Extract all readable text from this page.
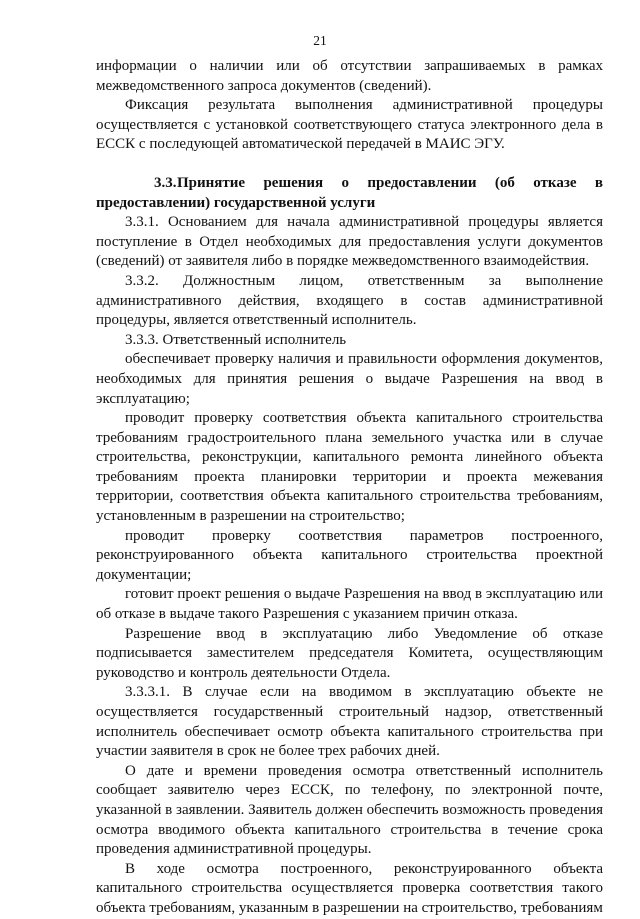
21

информации о наличии или об отсутствии запрашиваемых в рамках межведомственного запроса документов (сведений).

Фиксация результата выполнения административной процедуры осуществляется с установкой соответствующего статуса электронного дела в ЕССК с последующей автоматической передачей в МАИС ЭГУ.

3.3.Принятие решения о предоставлении (об отказе в предоставлении) государственной услуги

3.3.1. Основанием для начала административной процедуры является поступление в Отдел необходимых для предоставления услуги документов (сведений) от заявителя либо в порядке межведомственного взаимодействия.

3.3.2. Должностным лицом, ответственным за выполнение административного действия, входящего в состав административной процедуры, является ответственный исполнитель.

3.3.3. Ответственный исполнитель

обеспечивает проверку наличия и правильности оформления документов, необходимых для принятия решения о выдаче Разрешения на ввод в эксплуатацию;

проводит проверку соответствия объекта капитального строительства требованиям градостроительного плана земельного участка или в случае строительства, реконструкции, капитального ремонта линейного объекта требованиям проекта планировки территории и проекта межевания территории, соответствия объекта капитального строительства требованиям, установленным в разрешении на строительство;

проводит проверку соответствия параметров построенного, реконструированного объекта капитального строительства проектной документации;

готовит проект решения о выдаче Разрешения на ввод в эксплуатацию или об отказе в выдаче такого Разрешения с указанием причин отказа.

Разрешение ввод в эксплуатацию либо Уведомление об отказе подписывается заместителем председателя Комитета, осуществляющим руководство и контроль деятельности Отдела.

3.3.3.1. В случае если на вводимом в эксплуатацию объекте не осуществляется государственный строительный надзор, ответственный исполнитель обеспечивает осмотр объекта капитального строительства при участии заявителя в срок не более трех рабочих дней.

О дате и времени проведения осмотра ответственный исполнитель сообщает заявителю через ЕССК, по телефону, по электронной почте, указанной в заявлении. Заявитель должен обеспечить возможность проведения осмотра вводимого объекта капитального строительства в течение срока проведения административной процедуры.

В ходе осмотра построенного, реконструированного объекта капитального строительства осуществляется проверка соответствия такого объекта требованиям, указанным в разрешении на строительство, требованиям
